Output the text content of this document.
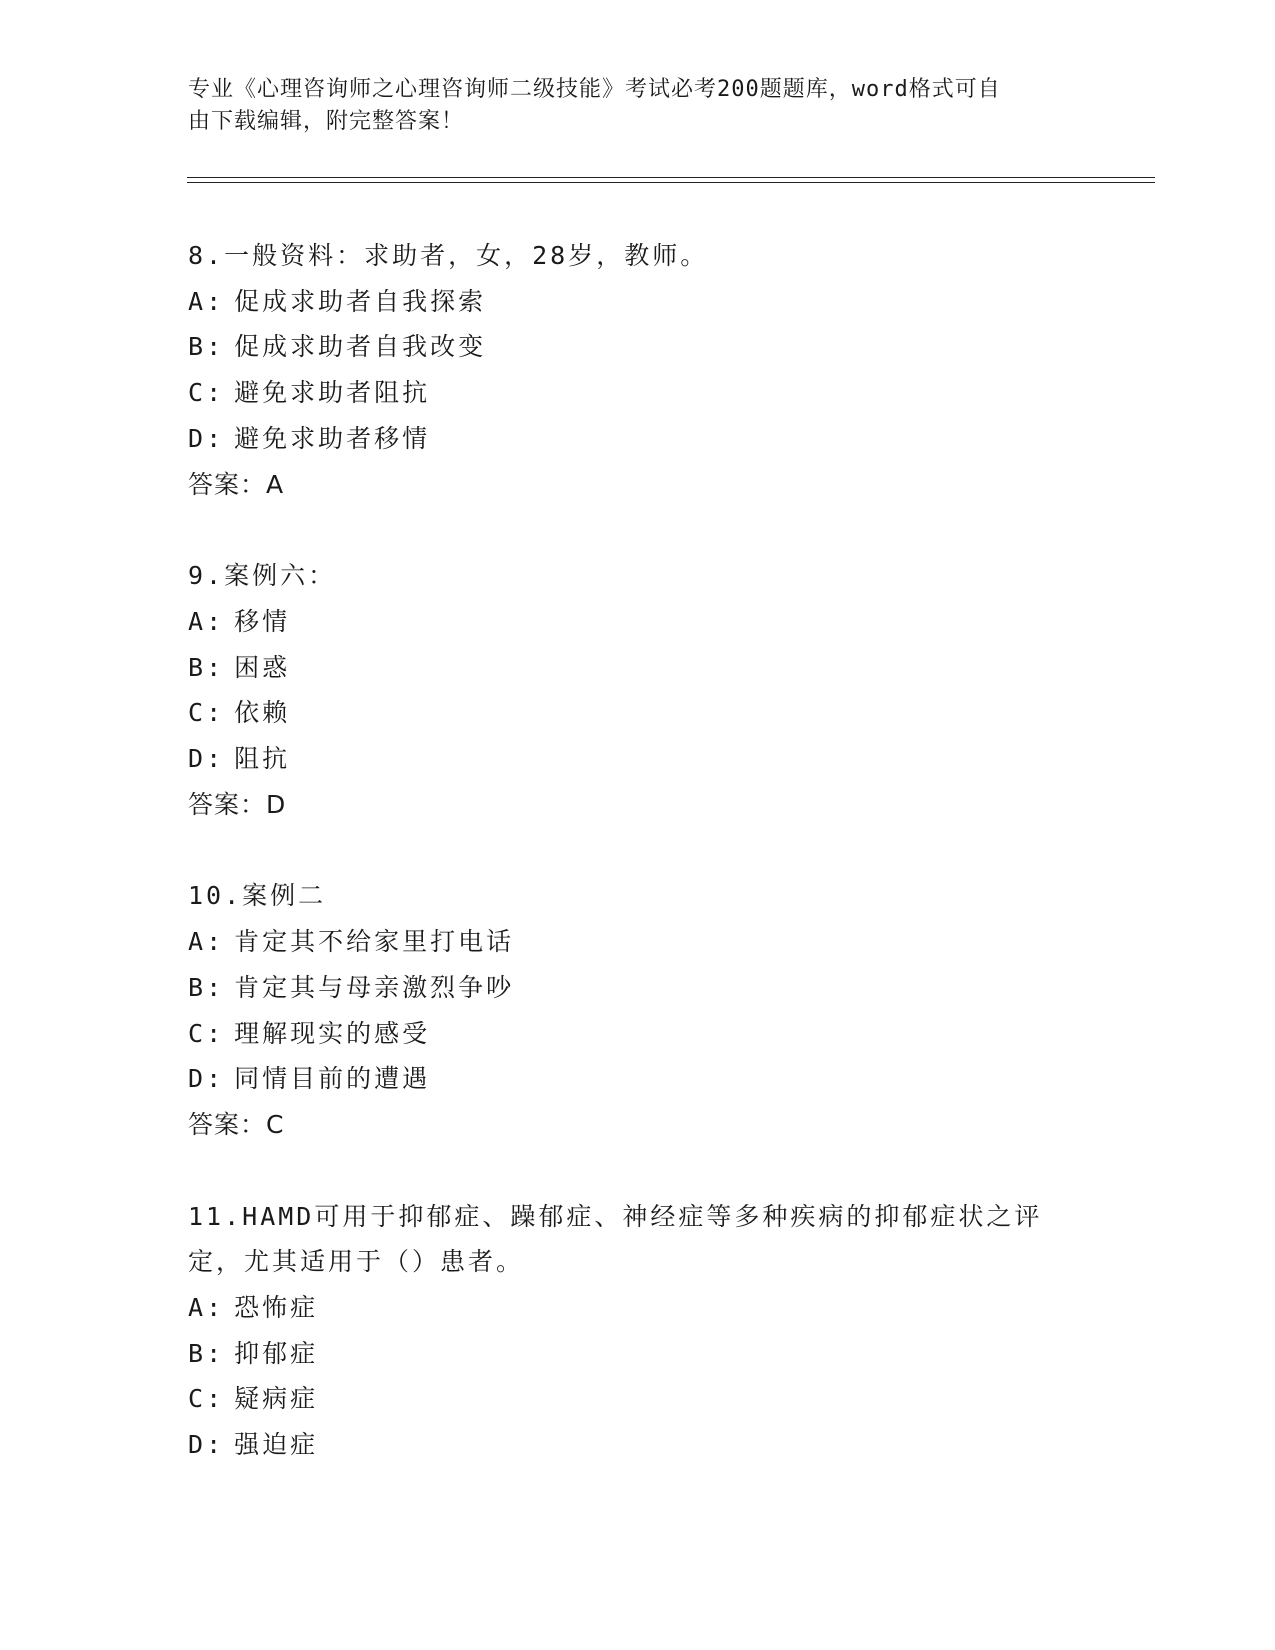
专业《心理咨询师之心理咨询师二级技能》考试必考200题题库，word格式可自
由下载编辑，附完整答案！

8.一般资料：求助者，女，28岁，教师。

A: 促成求助者自我探索

B: 促成求助者自我改变

C: 避免求助者阻抗

D: 避免求助者移情

答案：A

9.案例六：

A: 移情

B: 困惑

C: 依赖

D: 阻抗

答案：D

10.案例二

A: 肯定其不给家里打电话

B: 肯定其与母亲激烈争吵

C: 理解现实的感受

D: 同情目前的遭遇

答案：C

11.HAMD可用于抑郁症、躁郁症、神经症等多种疾病的抑郁症状之评定，尤其适用于（）患者。

A: 恐怖症

B: 抑郁症

C: 疑病症

D: 强迫症
